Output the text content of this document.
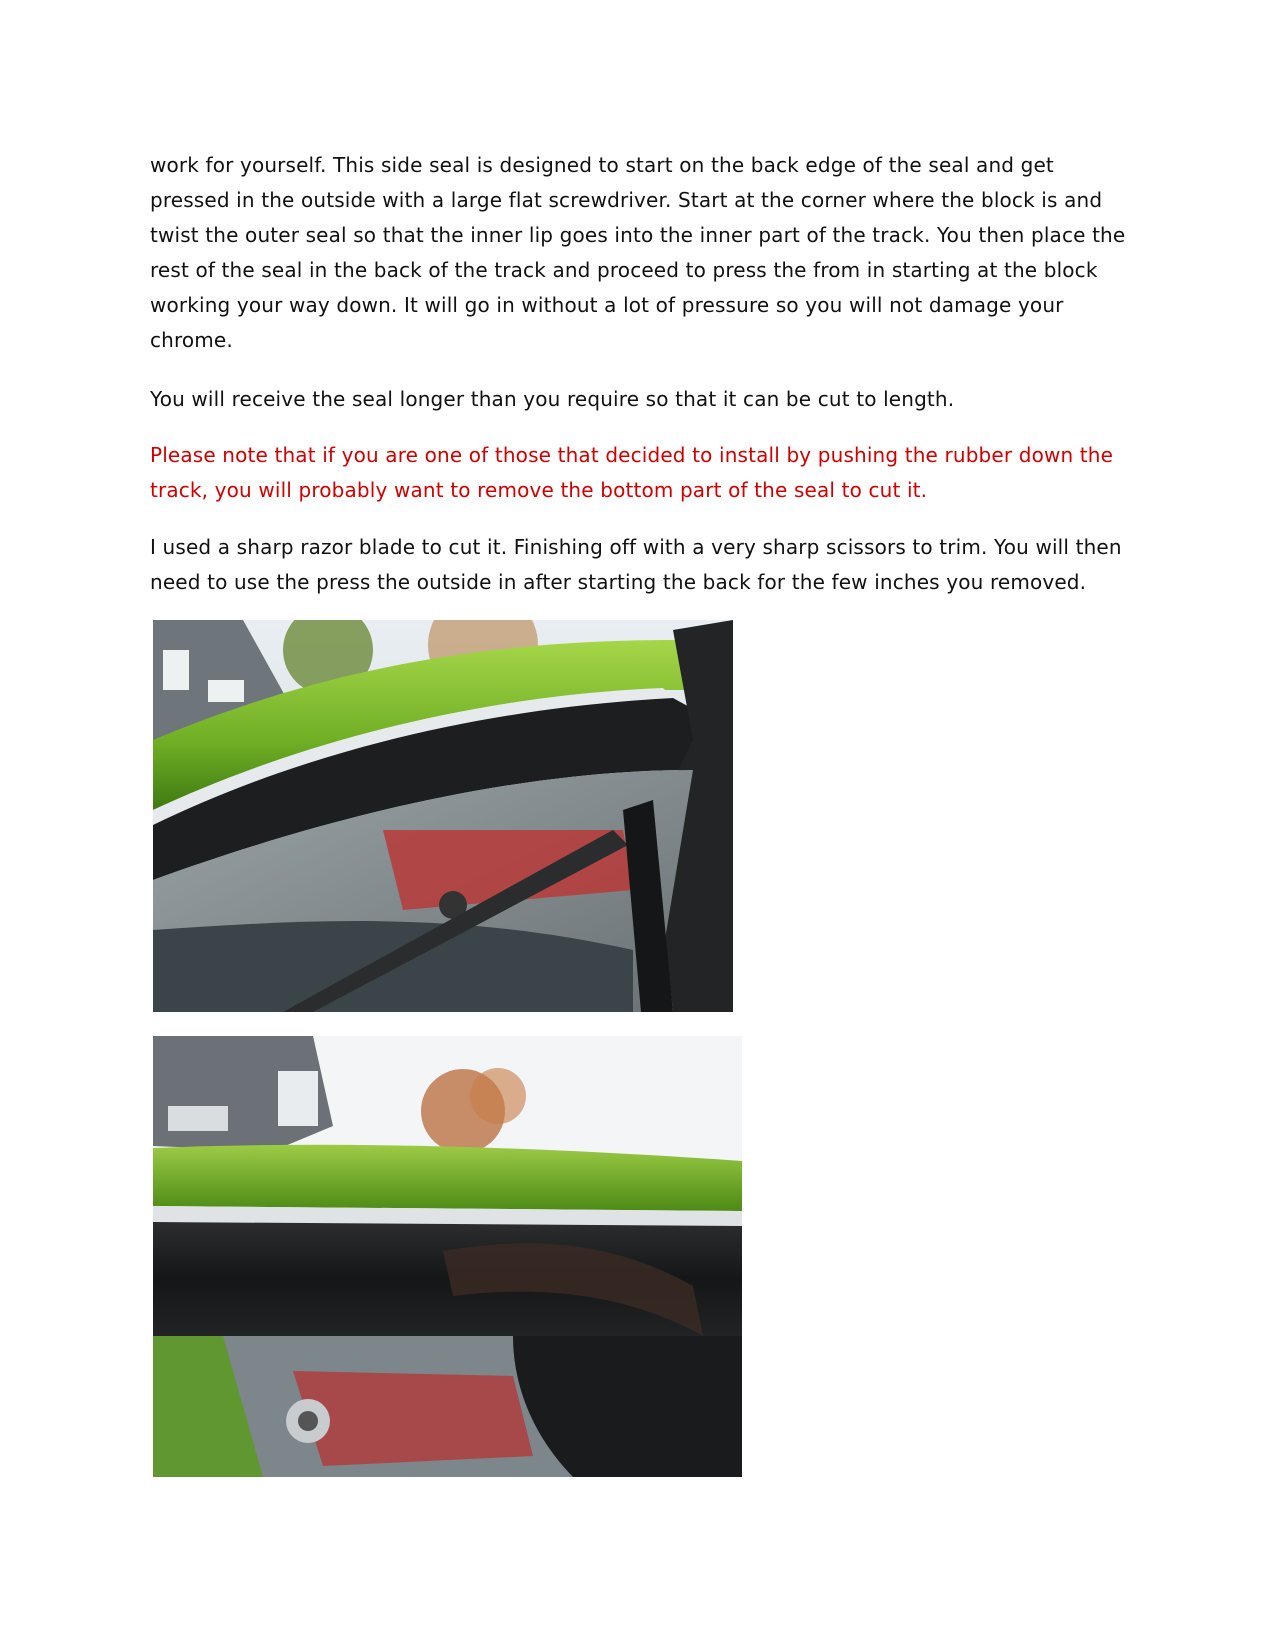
work for yourself. This side seal is designed to start on the back edge of the seal and get pressed in the outside with a large flat screwdriver. Start at the corner where the block is and twist the outer seal so that the inner lip goes into the inner part of the track. You then place the rest of the seal in the back of the track and proceed to press the from in starting at the block working your way down. It will go in without a lot of pressure so you will not damage your chrome.

You will receive the seal longer than you require so that it can be cut to length.

Please note that if you are one of those that decided to install by pushing the rubber down the track, you will probably want to remove the bottom part of the seal to cut it.

I used a sharp razor blade to cut it. Finishing off with a very sharp scissors to trim. You will then need to use the press the outside in after starting the back for the few inches you removed.
